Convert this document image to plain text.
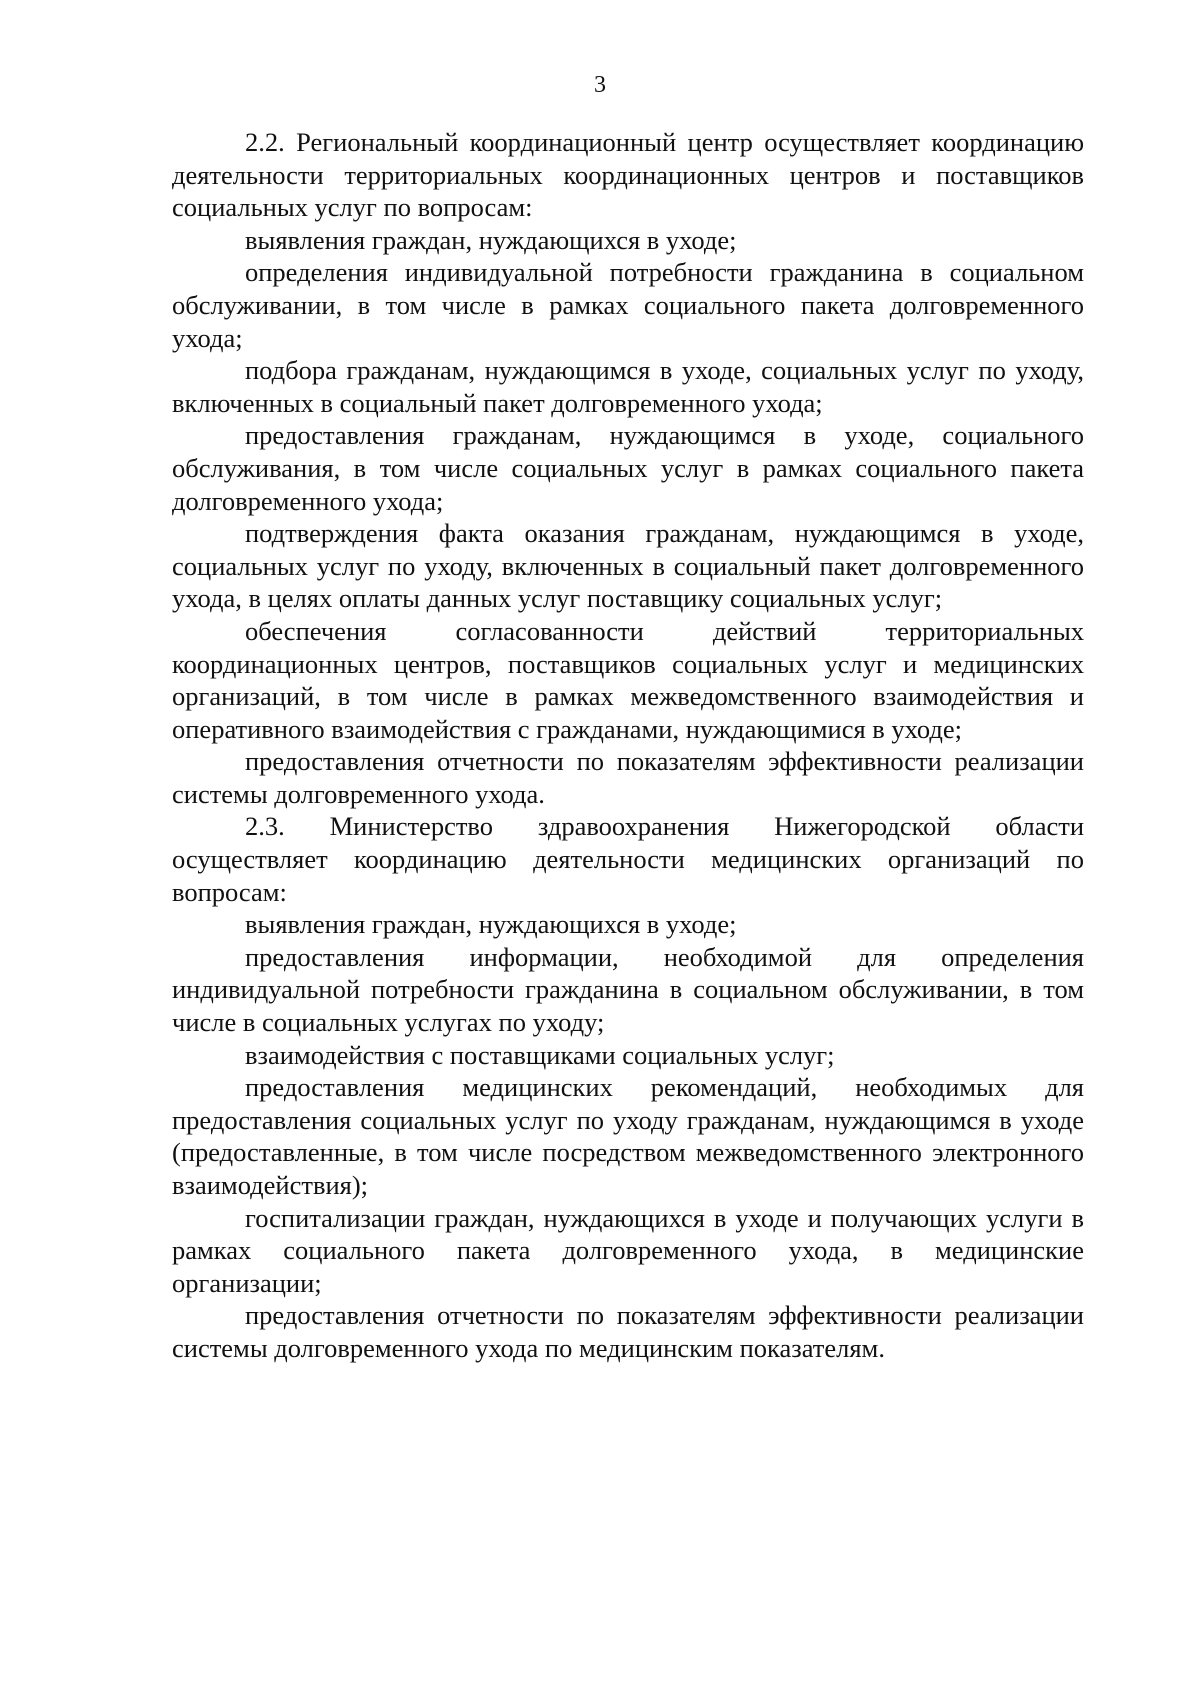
3

2.2. Региональный координационный центр осуществляет координацию деятельности территориальных координационных центров и поставщиков социальных услуг по вопросам:

выявления граждан, нуждающихся в уходе;

определения индивидуальной потребности гражданина в социальном обслуживании, в том числе в рамках социального пакета долговременного ухода;

подбора гражданам, нуждающимся в уходе, социальных услуг по уходу, включенных в социальный пакет долговременного ухода;

предоставления гражданам, нуждающимся в уходе, социального обслуживания, в том числе социальных услуг в рамках социального пакета долговременного ухода;

подтверждения факта оказания гражданам, нуждающимся в уходе, социальных услуг по уходу, включенных в социальный пакет долговременного ухода, в целях оплаты данных услуг поставщику социальных услуг;

обеспечения согласованности действий территориальных координационных центров, поставщиков социальных услуг и медицинских организаций, в том числе в рамках межведомственного взаимодействия и оперативного взаимодействия с гражданами, нуждающимися в уходе;

предоставления отчетности по показателям эффективности реализации системы долговременного ухода.

2.3. Министерство здравоохранения Нижегородской области осуществляет координацию деятельности медицинских организаций по вопросам:

выявления граждан, нуждающихся в уходе;

предоставления информации, необходимой для определения индивидуальной потребности гражданина в социальном обслуживании, в том числе в социальных услугах по уходу;

взаимодействия с поставщиками социальных услуг;

предоставления медицинских рекомендаций, необходимых для предоставления социальных услуг по уходу гражданам, нуждающимся в уходе (предоставленные, в том числе посредством межведомственного электронного взаимодействия);

госпитализации граждан, нуждающихся в уходе и получающих услуги в рамках социального пакета долговременного ухода, в медицинские организации;

предоставления отчетности по показателям эффективности реализации системы долговременного ухода по медицинским показателям.
